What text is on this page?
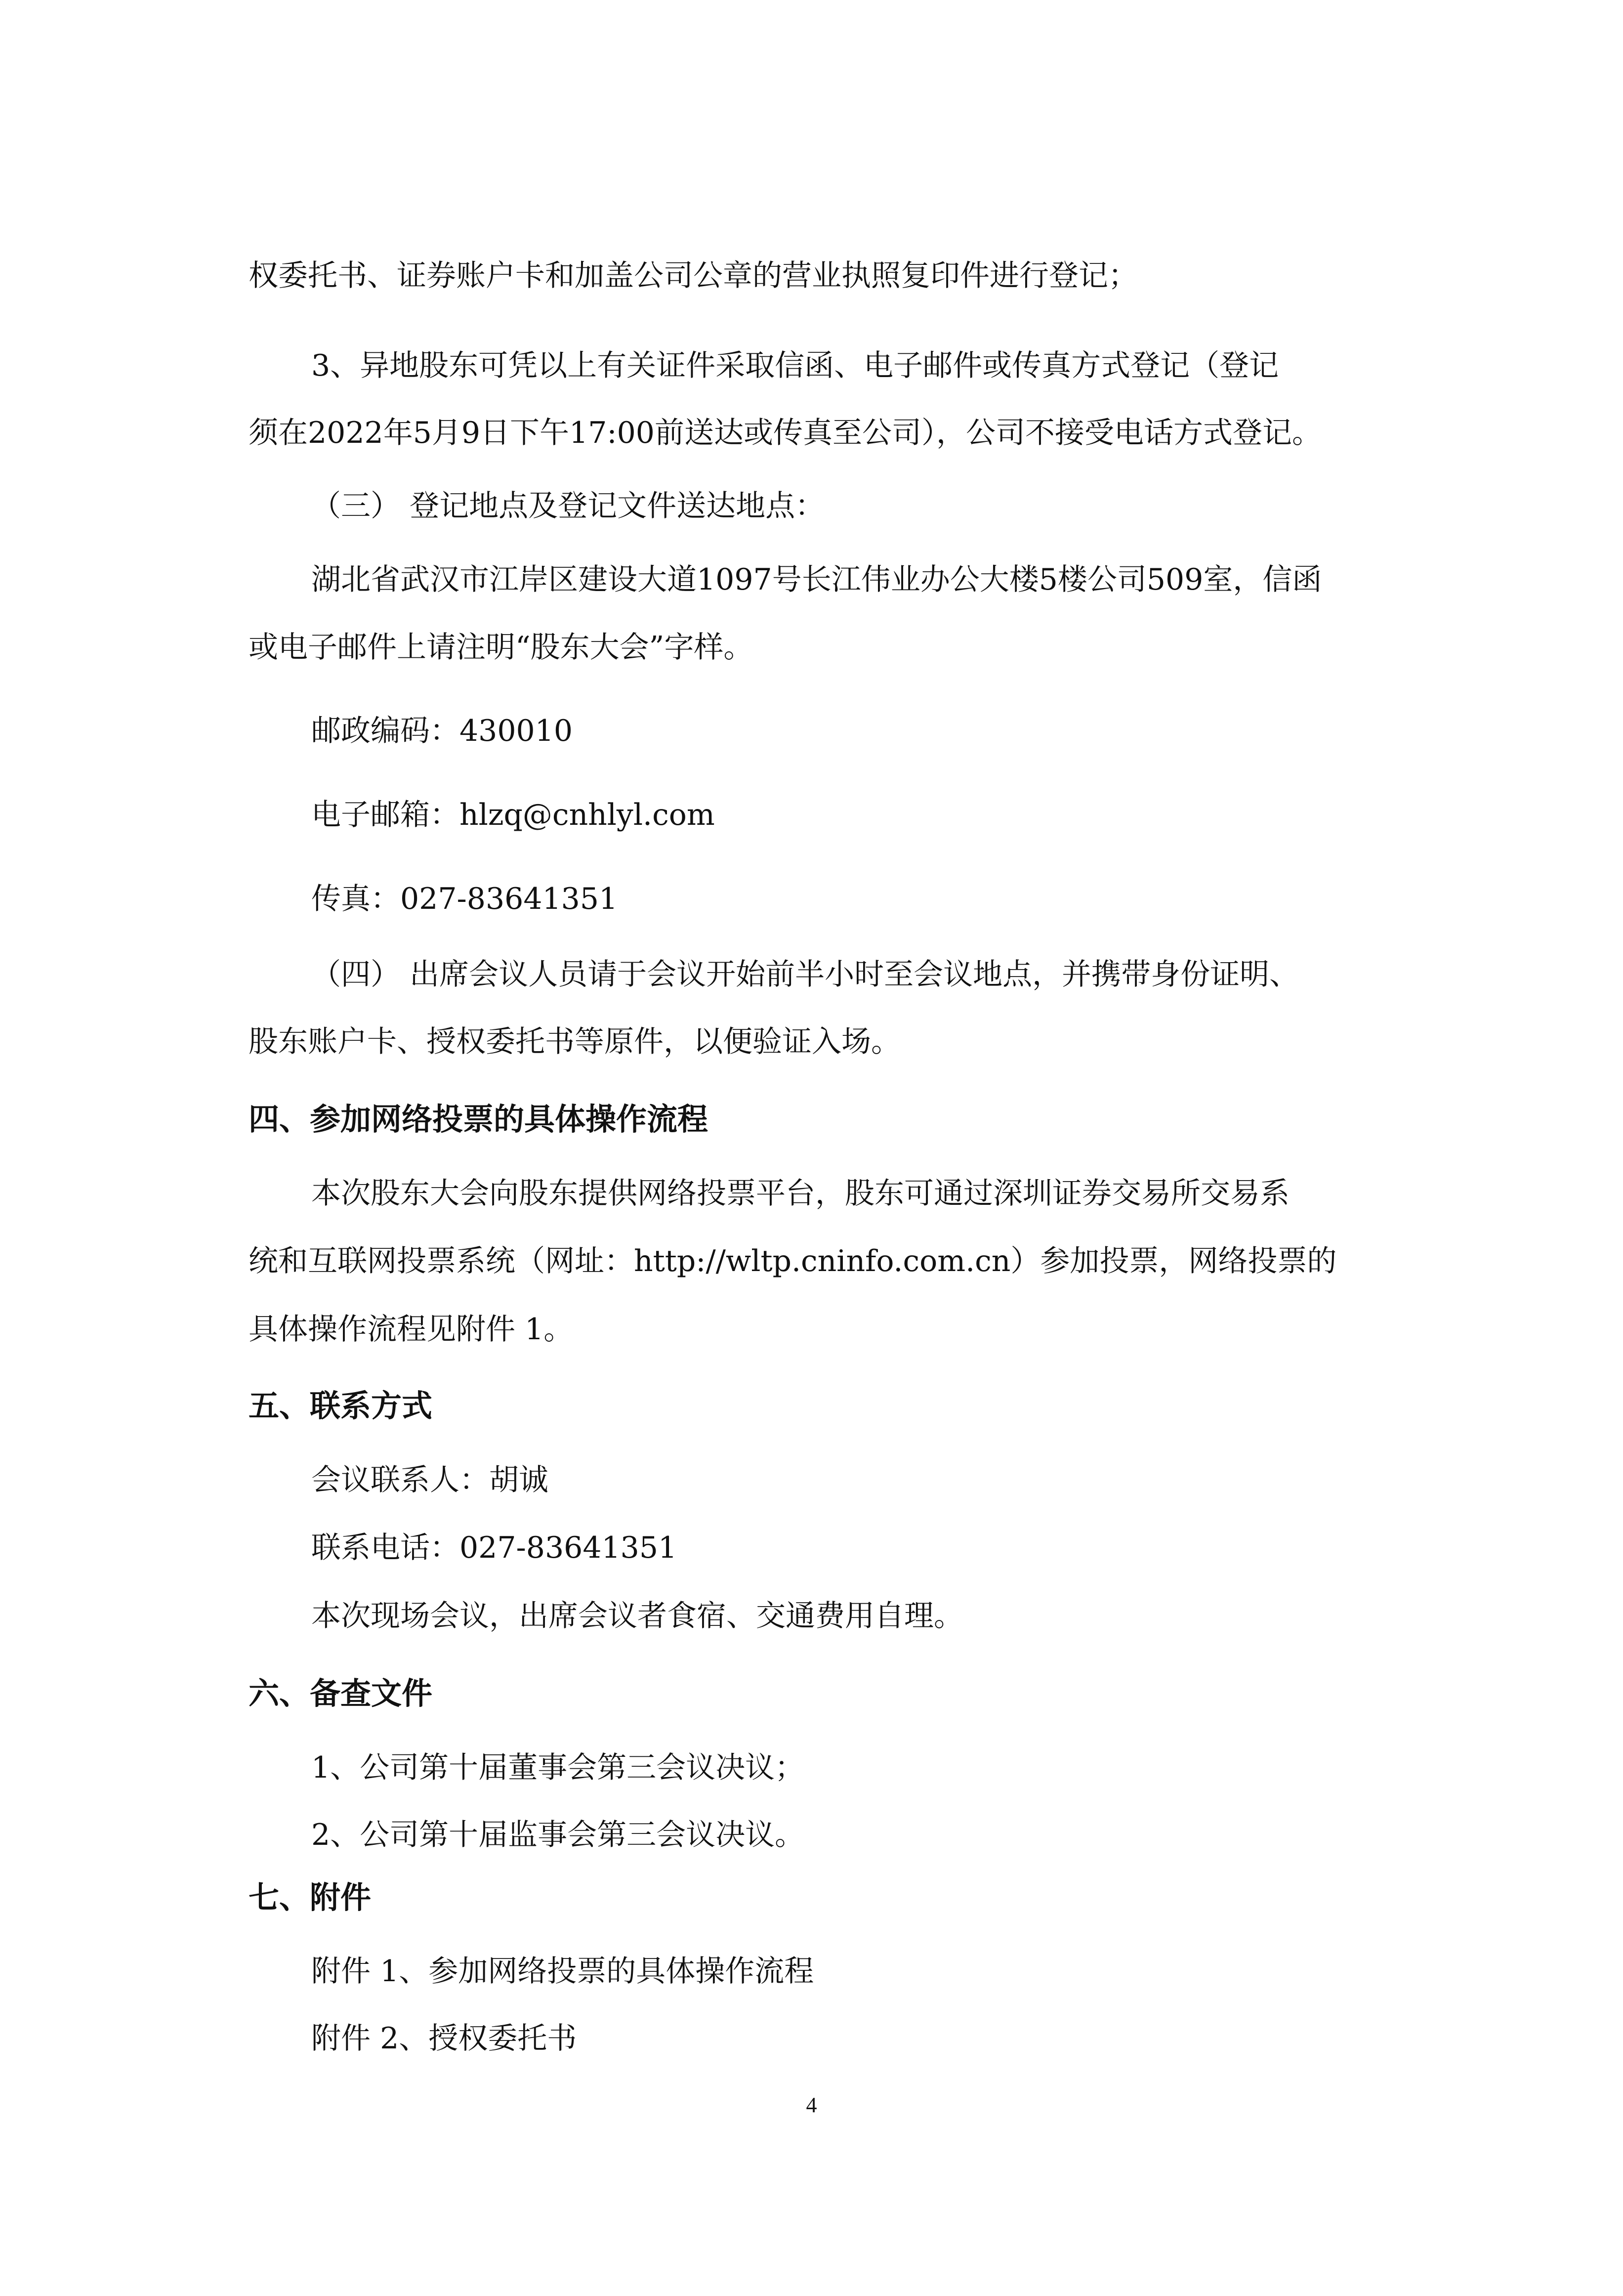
权委托书、证券账户卡和加盖公司公章的营业执照复印件进行登记；
3、异地股东可凭以上有关证件采取信函、电子邮件或传真方式登记（登记
须在2022年5月9日下午17:00前送达或传真至公司），公司不接受电话方式登记。
（三） 登记地点及登记文件送达地点：
湖北省武汉市江岸区建设大道1097号长江伟业办公大楼5楼公司509室，信函
或电子邮件上请注明“股东大会”字样。
邮政编码：430010
电子邮箱：hlzq@cnhlyl.com
传真：027-83641351
（四） 出席会议人员请于会议开始前半小时至会议地点，并携带身份证明、
股东账户卡、授权委托书等原件，以便验证入场。
四、参加网络投票的具体操作流程
本次股东大会向股东提供网络投票平台，股东可通过深圳证券交易所交易系
统和互联网投票系统（网址：http://wltp.cninfo.com.cn）参加投票，网络投票的
具体操作流程见附件 1。
五、联系方式
会议联系人：胡诚
联系电话：027-83641351
本次现场会议，出席会议者食宿、交通费用自理。
六、备查文件
1、公司第十届董事会第三会议决议；
2、公司第十届监事会第三会议决议。
七、附件
附件 1、参加网络投票的具体操作流程
附件 2、授权委托书
4
